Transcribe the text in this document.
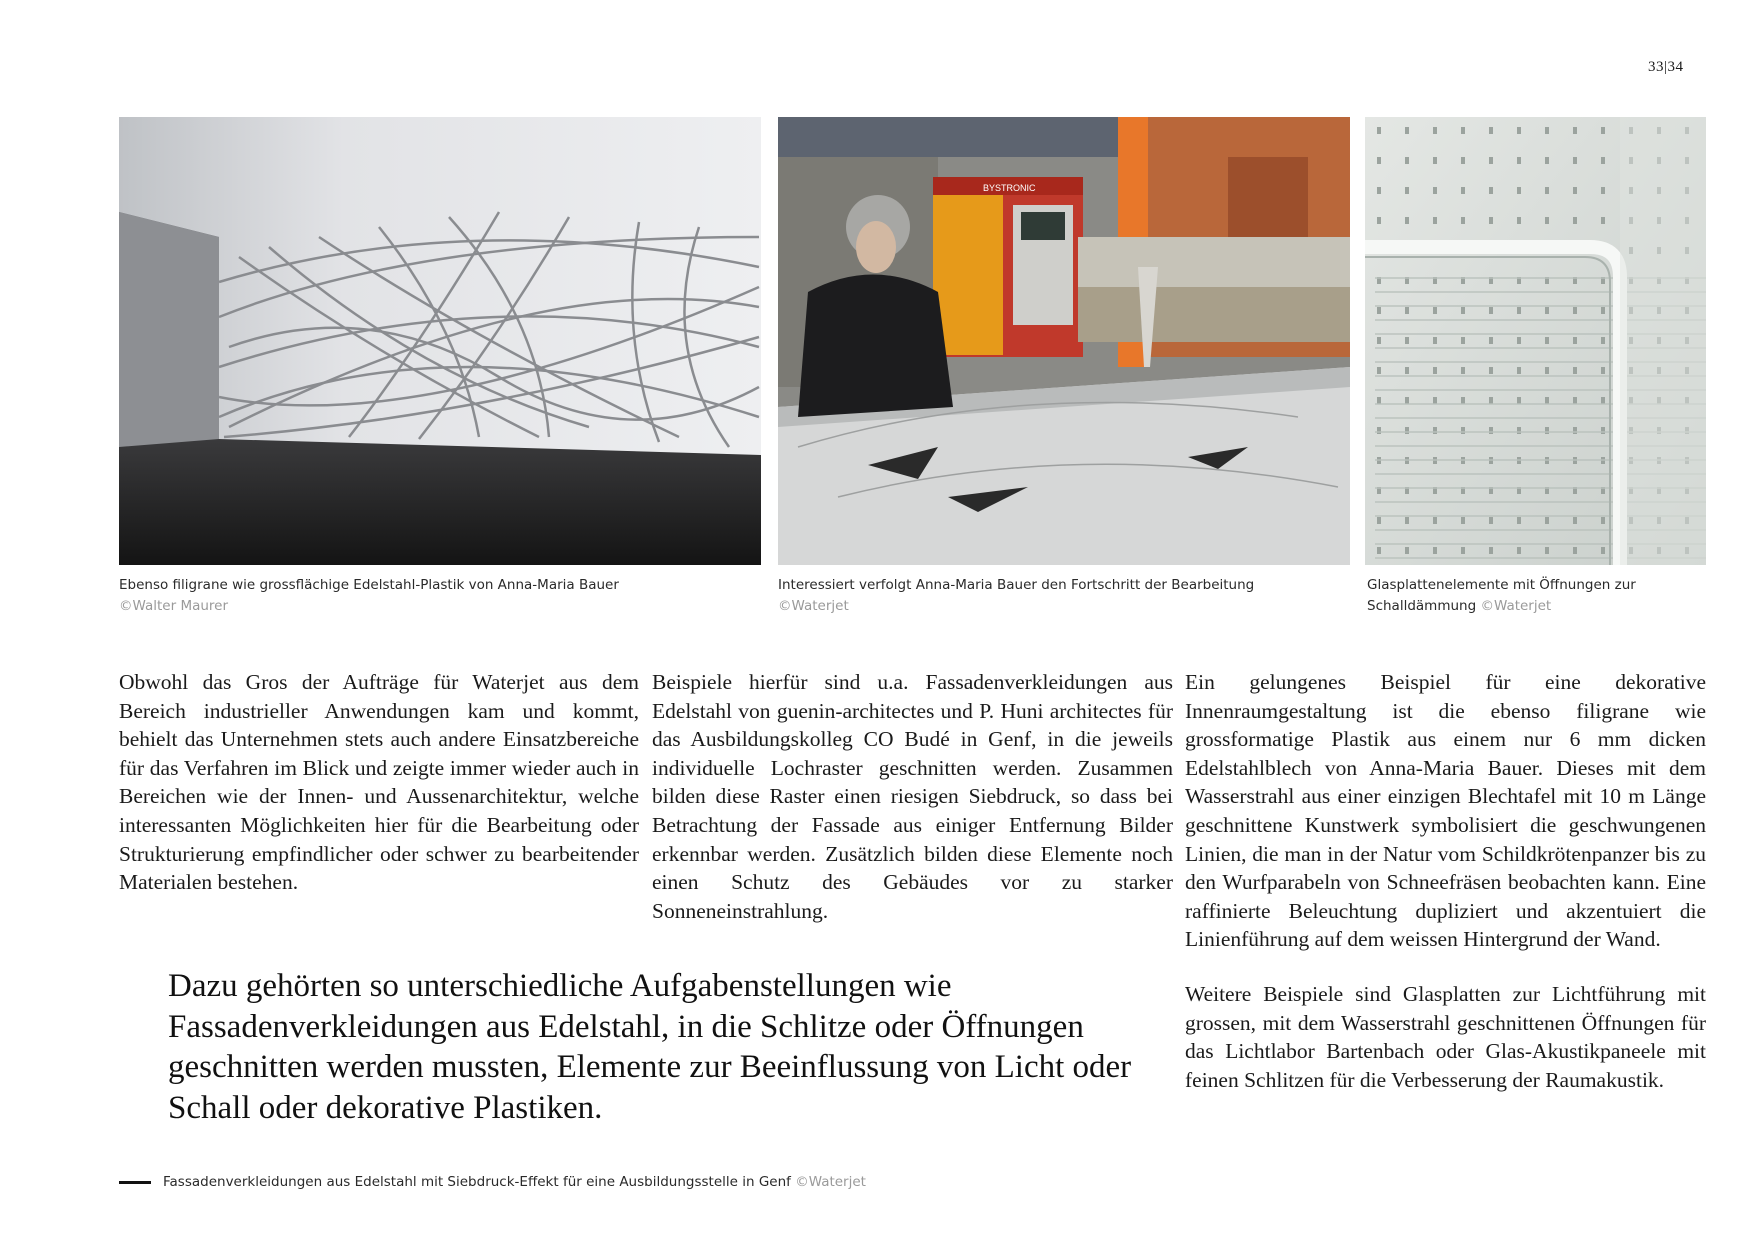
33|34
BYSTRONIC
Ebenso filigrane wie grossflächige Edelstahl-Plastik von Anna-Maria Bauer
©Walter Maurer
Interessiert verfolgt Anna-Maria Bauer den Fortschritt der Bearbeitung
©Waterjet
Glasplattenelemente mit Öffnungen zur Schalldämmung ©Waterjet
Obwohl das Gros der Aufträge für Waterjet aus dem Bereich industrieller Anwendungen kam und kommt, behielt das Unternehmen stets auch andere Einsatzbereiche für das Verfahren im Blick und zeigte immer wieder auch in Bereichen wie der Innen- und Aussenarchitektur, welche interessanten Möglichkeiten hier für die Bearbeitung oder Strukturierung empfindlicher oder schwer zu bearbeitender Materialen bestehen.
Beispiele hierfür sind u.a. Fassadenverkleidungen aus Edelstahl von guenin-architectes und P. Huni architectes für das Ausbildungskolleg CO Budé in Genf, in die jeweils individuelle Lochraster geschnitten werden. Zusammen bilden diese Raster einen riesigen Siebdruck, so dass bei Betrachtung der Fassade aus einiger Entfernung Bilder erkennbar werden. Zusätzlich bilden diese Elemente noch einen Schutz des Gebäudes vor zu starker Sonneneinstrahlung.
Ein gelungenes Beispiel für eine dekorative Innenraumgestaltung ist die ebenso filigrane wie grossformatige Plastik aus einem nur 6 mm dicken Edelstahlblech von Anna-Maria Bauer. Dieses mit dem Wasserstrahl aus einer einzigen Blechtafel mit 10 m Länge geschnittene Kunstwerk symbolisiert die geschwungenen Linien, die man in der Natur vom Schildkrötenpanzer bis zu den Wurfparabeln von Schneefräsen beobachten kann. Eine raffinierte Beleuchtung dupliziert und akzentuiert die Linienführung auf dem weissen Hintergrund der Wand.
Weitere Beispiele sind Glasplatten zur Lichtführung mit grossen, mit dem Wasserstrahl geschnittenen Öffnungen für das Lichtlabor Bartenbach oder Glas-Akustikpaneele mit feinen Schlitzen für die Verbesserung der Raumakustik.
Dazu gehörten so unterschiedliche Aufgabenstellungen wie Fassadenverkleidungen aus Edelstahl, in die Schlitze oder Öffnungen geschnitten werden mussten, Elemente zur Beeinflussung von Licht oder Schall oder dekorative Plastiken.
Fassadenverkleidungen aus Edelstahl mit Siebdruck-Effekt für eine Ausbildungsstelle in Genf
©Waterjet
